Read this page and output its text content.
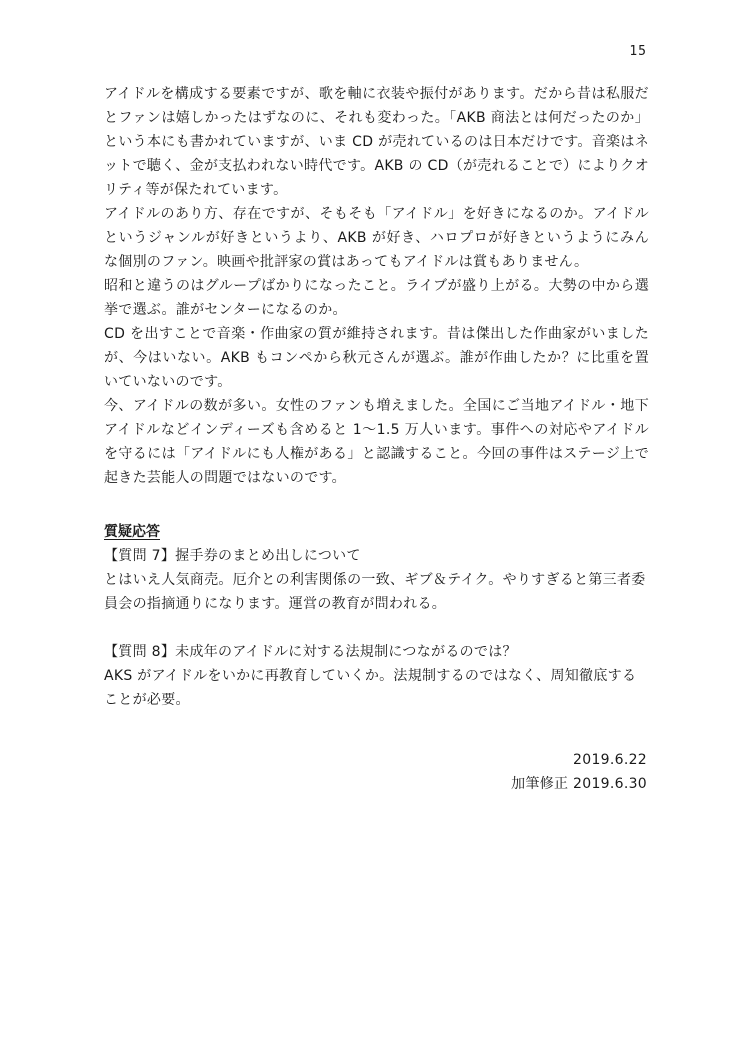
15

アイドルを構成する要素ですが、歌を軸に衣装や振付があります。だから昔は私服だとファンは嬉しかったはずなのに、それも変わった。「AKB 商法とは何だったのか」という本にも書かれていますが、いま CD が売れているのは日本だけです。音楽はネットで聴く、金が支払われない時代です。AKB の CD（が売れることで）によりクオリティ等が保たれています。

アイドルのあり方、存在ですが、そもそも「アイドル」を好きになるのか。アイドルというジャンルが好きというより、AKB が好き、ハロプロが好きというようにみんな個別のファン。映画や批評家の賞はあってもアイドルは賞もありません。

昭和と違うのはグループばかりになったこと。ライブが盛り上がる。大勢の中から選挙で選ぶ。誰がセンターになるのか。

CD を出すことで音楽・作曲家の質が維持されます。昔は傑出した作曲家がいましたが、今はいない。AKB もコンペから秋元さんが選ぶ。誰が作曲したか？に比重を置いていないのです。

今、アイドルの数が多い。女性のファンも増えました。全国にご当地アイドル・地下アイドルなどインディーズも含めると 1〜1.5 万人います。事件への対応やアイドルを守るには「アイドルにも人権がある」と認識すること。今回の事件はステージ上で起きた芸能人の問題ではないのです。

質疑応答

【質問 7】握手券のまとめ出しについて

とはいえ人気商売。厄介との利害関係の一致、ギブ＆テイク。やりすぎると第三者委員会の指摘通りになります。運営の教育が問われる。

【質問 8】未成年のアイドルに対する法規制につながるのでは？

AKS がアイドルをいかに再教育していくか。法規制するのではなく、周知徹底することが必要。

2019.6.22
加筆修正 2019.6.30
